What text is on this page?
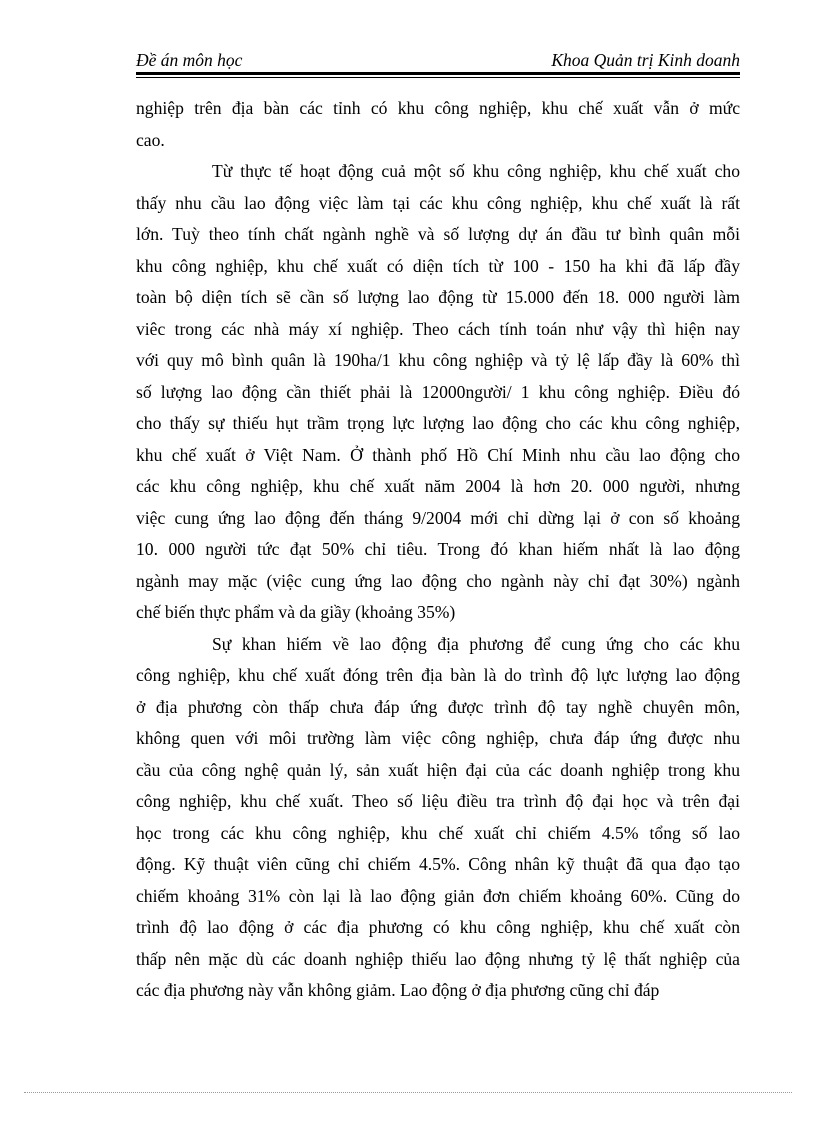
Đề án môn học	Khoa Quản trị Kinh doanh
nghiệp trên địa bàn các tỉnh có khu công nghiệp, khu chế xuất vẫn ở mức
cao.
Từ thực tế hoạt động cuả một số khu công nghiệp, khu chế xuất cho
thấy nhu cầu lao động việc làm tại các khu công nghiệp, khu chế xuất là rất
lớn. Tuỳ theo tính chất ngành nghề và số lượng dự án đầu tư bình quân mỗi
khu công nghiệp, khu chế xuất có diện tích từ 100 - 150 ha khi đã lấp đầy
toàn bộ diện tích sẽ cần số lượng lao động từ 15.000 đến 18. 000 người làm
viêc trong các nhà máy xí nghiệp. Theo cách tính toán như vậy thì hiện nay
với quy mô bình quân là 190ha/1 khu công nghiệp và tỷ lệ lấp đầy là 60% thì
số lượng lao động cần thiết phải là 12000người/ 1 khu công nghiệp. Điều đó
cho thấy sự thiếu hụt trầm trọng lực lượng lao động cho các khu công nghiệp,
khu chế xuất ở Việt Nam. Ở thành phố Hồ Chí Minh nhu cầu lao động cho
các khu công nghiệp, khu chế xuất năm 2004 là hơn 20. 000 người, nhưng
việc cung ứng lao động đến tháng 9/2004 mới chỉ dừng lại ở con số khoảng
10. 000 người tức đạt 50% chỉ tiêu. Trong đó khan hiếm nhất là lao động
ngành may mặc (việc cung ứng lao động cho ngành này chỉ đạt 30%) ngành
chế biến thực phẩm và da giầy (khoảng 35%)
Sự khan hiếm về lao động địa phương để cung ứng cho các khu
công nghiệp, khu chế xuất đóng trên địa bàn là do trình độ lực lượng lao động
ở địa phương còn thấp chưa đáp ứng được trình độ tay nghề chuyên môn,
không quen với môi trường làm việc công nghiệp, chưa đáp ứng được nhu
cầu của công nghệ quản lý, sản xuất hiện đại của các doanh nghiệp trong khu
công nghiệp, khu chế xuất. Theo số liệu điều tra trình độ đại học và trên đại
học trong các khu công nghiệp, khu chế xuất chỉ chiếm 4.5% tổng số lao
động. Kỹ thuật viên cũng chỉ chiếm 4.5%. Công nhân kỹ thuật đã qua đạo tạo
chiếm khoảng 31% còn lại là lao động giản đơn chiếm khoảng 60%. Cũng do
trình độ lao động ở các địa phương có khu công nghiệp, khu chế xuất còn
thấp nên mặc dù các doanh nghiệp thiếu lao động nhưng tỷ lệ thất nghiệp của
các địa phương này vẫn không giảm. Lao động ở địa phương cũng chỉ đáp
